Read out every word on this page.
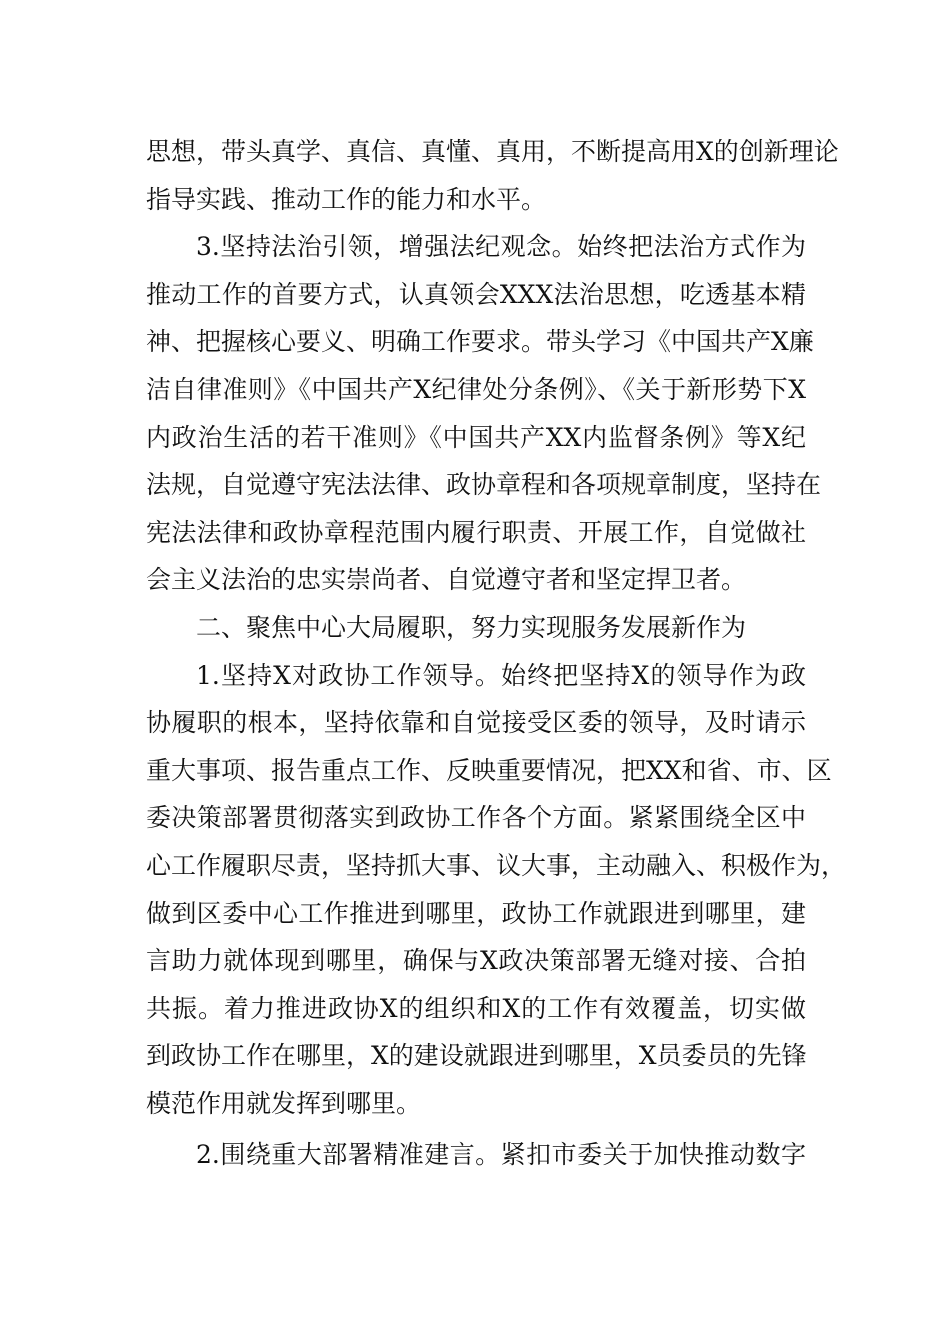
思想，带头真学、真信、真懂、真用，不断提高用X的创新理论
指导实践、推动工作的能力和水平。
3.坚持法治引领，增强法纪观念。始终把法治方式作为
推动工作的首要方式，认真领会XXX法治思想，吃透基本精
神、把握核心要义、明确工作要求。带头学习《中国共产X廉
洁自律准则》《中国共产X纪律处分条例》、《关于新形势下X
内政治生活的若干准则》《中国共产XX内监督条例》等X纪
法规，自觉遵守宪法法律、政协章程和各项规章制度，坚持在
宪法法律和政协章程范围内履行职责、开展工作，自觉做社
会主义法治的忠实崇尚者、自觉遵守者和坚定捍卫者。
二、聚焦中心大局履职，努力实现服务发展新作为
1.坚持X对政协工作领导。始终把坚持X的领导作为政
协履职的根本，坚持依靠和自觉接受区委的领导，及时请示
重大事项、报告重点工作、反映重要情况，把XX和省、市、区
委决策部署贯彻落实到政协工作各个方面。紧紧围绕全区中
心工作履职尽责，坚持抓大事、议大事，主动融入、积极作为，
做到区委中心工作推进到哪里，政协工作就跟进到哪里，建
言助力就体现到哪里，确保与X政决策部署无缝对接、合拍
共振。着力推进政协X的组织和X的工作有效覆盖，切实做
到政协工作在哪里，X的建设就跟进到哪里，X员委员的先锋
模范作用就发挥到哪里。
2.围绕重大部署精准建言。紧扣市委关于加快推动数字
